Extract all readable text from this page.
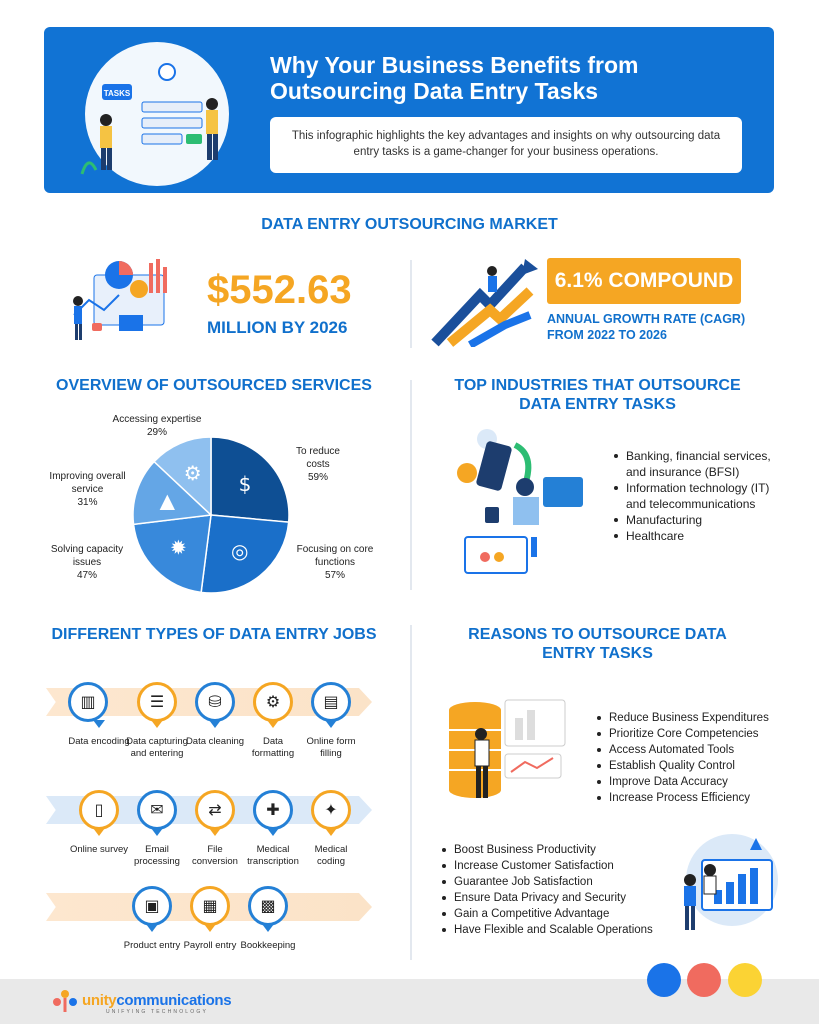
TASKS
Why Your Business Benefits from Outsourcing Data Entry Tasks
This infographic highlights the key advantages and insights on why outsourcing data entry tasks is a game-changer for your business operations.
DATA ENTRY OUTSOURCING MARKET
$552.63
MILLION BY 2026
6.1% COMPOUND
ANNUAL GROWTH RATE (CAGR)
FROM 2022 TO 2026
OVERVIEW OF OUTSOURCED SERVICES
$
◎
✹
▲
⚙
Accessing expertise
29%
To reduce costs
59%
Improving overall service
31%
Solving capacity issues
47%
Focusing on core functions
57%
TOP INDUSTRIES THAT OUTSOURCE
DATA ENTRY TASKS
Banking, financial services, and insurance (BFSI)
Information technology (IT) and telecommunications
Manufacturing
Healthcare
DIFFERENT TYPES OF DATA ENTRY JOBS
▥
Data encoding
☰
Data capturing and entering
⛁
Data cleaning
⚙
Data formatting
▤
Online form filling
▯
Online survey
✉
Email processing
⇄
File conversion
✚
Medical transcription
✦
Medical coding
▣
Product entry
▦
Payroll entry
▩
Bookkeeping
REASONS TO OUTSOURCE DATA
ENTRY TASKS
Reduce Business Expenditures
Prioritize Core Competencies
Access Automated Tools
Establish Quality Control
Improve Data Accuracy
Increase Process Efficiency
Boost Business Productivity
Increase Customer Satisfaction
Guarantee Job Satisfaction
Ensure Data Privacy and Security
Gain a Competitive Advantage
Have Flexible and Scalable Operations
unitycommunications
UNIFYING TECHNOLOGY
